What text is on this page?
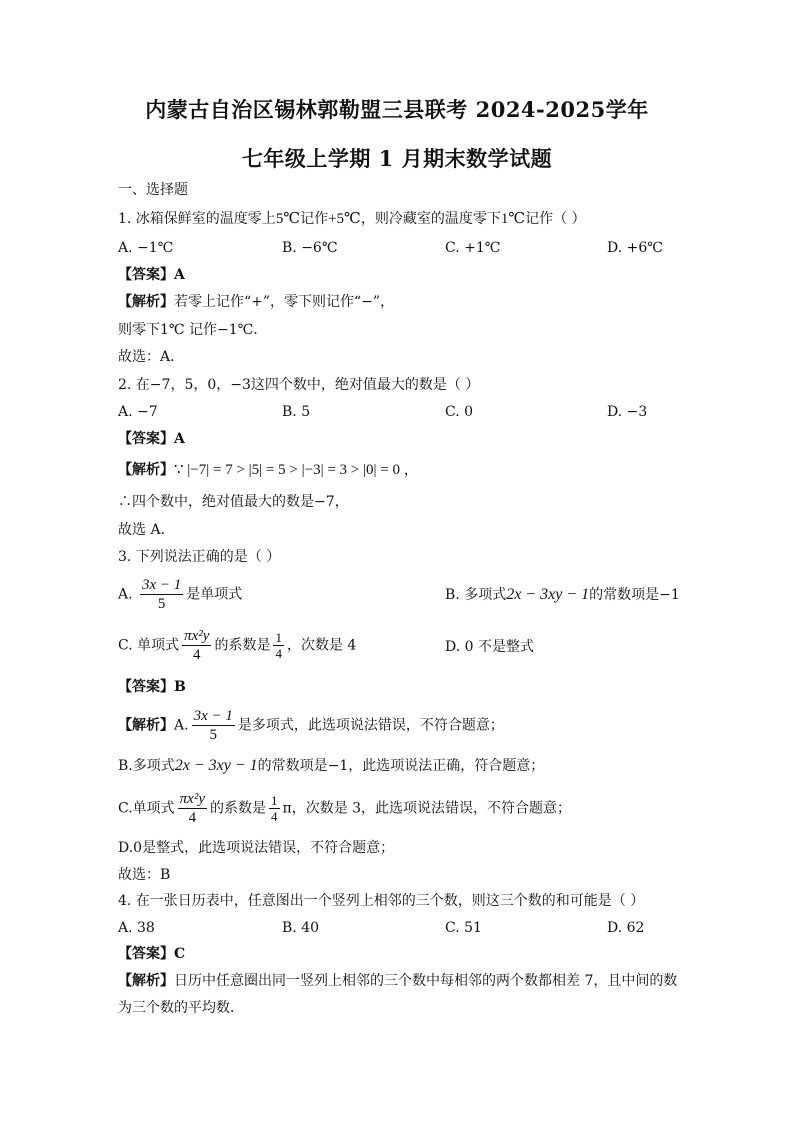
内蒙古自治区锡林郭勒盟三县联考 2024-2025学年
七年级上学期 1 月期末数学试题
一、选择题
1. 冰箱保鲜室的温度零上5℃记作+5℃，则冷藏室的温度零下1℃记作（ ）
A. −1℃	B. −6℃	C. +1℃	D. +6℃
【答案】A
【解析】若零上记作“+”，零下则记作“−”，
则零下1℃ 记作−1℃．
故选：A．
2. 在−7，5，0，−3这四个数中，绝对值最大的数是（ ）
A. −7	B. 5	C. 0	D. −3
【答案】A
【解析】∵ |−7| = 7 > |5| = 5 > |−3| = 3 > |0| = 0 ，
∴四个数中，绝对值最大的数是−7，
故选 A．
3. 下列说法正确的是（ ）
A. $\frac{3x - 1}{5}$ 是单项式	B. 多项式2x − 3xy − 1的常数项是−1
C. 单项式 $\frac{\text{πx²y}}{4}$ 的系数是 $\frac{1}{4}$ ，次数是 4	D. 0 不是整式
【答案】B
【解析】A. $\frac{3x - 1}{5}$ 是多项式，此选项说法错误，不符合题意；
B.多项式2x − 3xy − 1的常数项是−1，此选项说法正确，符合题意；
C.单项式 $\frac{\text{πx²y}}{4}$ 的系数是 $\frac{1}{4}$ π，次数是 3，此选项说法错误，不符合题意；
D.0是整式，此选项说法错误，不符合题意；
故选：B
4. 在一张日历表中，任意图出一个竖列上相邻的三个数，则这三个数的和可能是（ ）
A. 38	B. 40	C. 51	D. 62
【答案】C
【解析】日历中任意圈出同一竖列上相邻的三个数中每相邻的两个数都相差 7，且中间的数
为三个数的平均数．
